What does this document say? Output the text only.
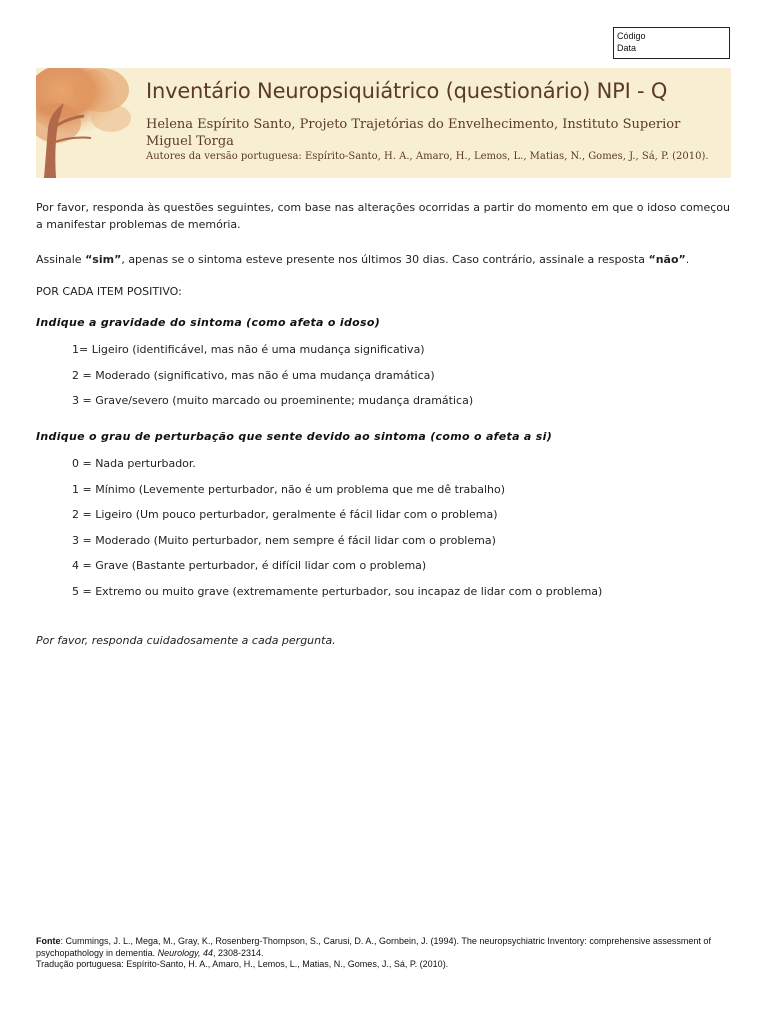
Código
Data
Inventário Neuropsiquiátrico (questionário) NPI - Q
Helena Espírito Santo, Projeto Trajetórias do Envelhecimento, Instituto Superior Miguel Torga
Autores da versão portuguesa: Espírito-Santo, H. A., Amaro, H., Lemos, L., Matias, N., Gomes, J., Sá, P. (2010).
Por favor, responda às questões seguintes, com base nas alterações ocorridas a partir do momento em que o idoso começou a manifestar problemas de memória.
Assinale “sim”, apenas se o sintoma esteve presente nos últimos 30 dias. Caso contrário, assinale a resposta “não”.
POR CADA ITEM POSITIVO:
Indique a gravidade do sintoma (como afeta o idoso)
1= Ligeiro (identificável, mas não é uma mudança significativa)
2 = Moderado (significativo, mas não é uma mudança dramática)
3 = Grave/severo (muito marcado ou proeminente; mudança dramática)
Indique o grau de perturbação que sente devido ao sintoma (como o afeta a si)
0 = Nada perturbador.
1 = Mínimo (Levemente perturbador, não é um problema que me dê trabalho)
2 = Ligeiro (Um pouco perturbador, geralmente é fácil lidar com o problema)
3 = Moderado (Muito perturbador, nem sempre é fácil lidar com o problema)
4 = Grave (Bastante perturbador, é difícil lidar com o problema)
5 = Extremo ou muito grave (extremamente perturbador, sou incapaz de lidar com o problema)
Por favor, responda cuidadosamente a cada pergunta.
Fonte: Cummings, J. L., Mega, M., Gray, K., Rosenberg-Thompson, S., Carusi, D. A., Gornbein, J. (1994). The neuropsychiatric Inventory: comprehensive assessment of psychopathology in dementia. Neurology, 44, 2308-2314.
Tradução portuguesa: Espírito-Santo, H. A., Amaro, H., Lemos, L., Matias, N., Gomes, J., Sá, P. (2010).
